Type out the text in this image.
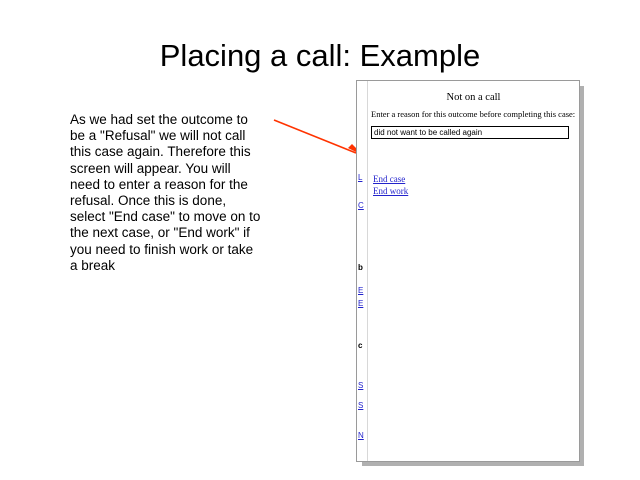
Placing a call: Example
As we had set the outcome to be a "Refusal" we will not call this case again. Therefore this screen will appear. You will need to enter a reason for the refusal. Once this is done, select "End case" to move on to the next case, or "End work" if you need to finish work or take a break
L
C
b
E
E
c
S
S
N
Not on a call
Enter a reason for this outcome before completing this case:
did not want to be called again
End case
End work
